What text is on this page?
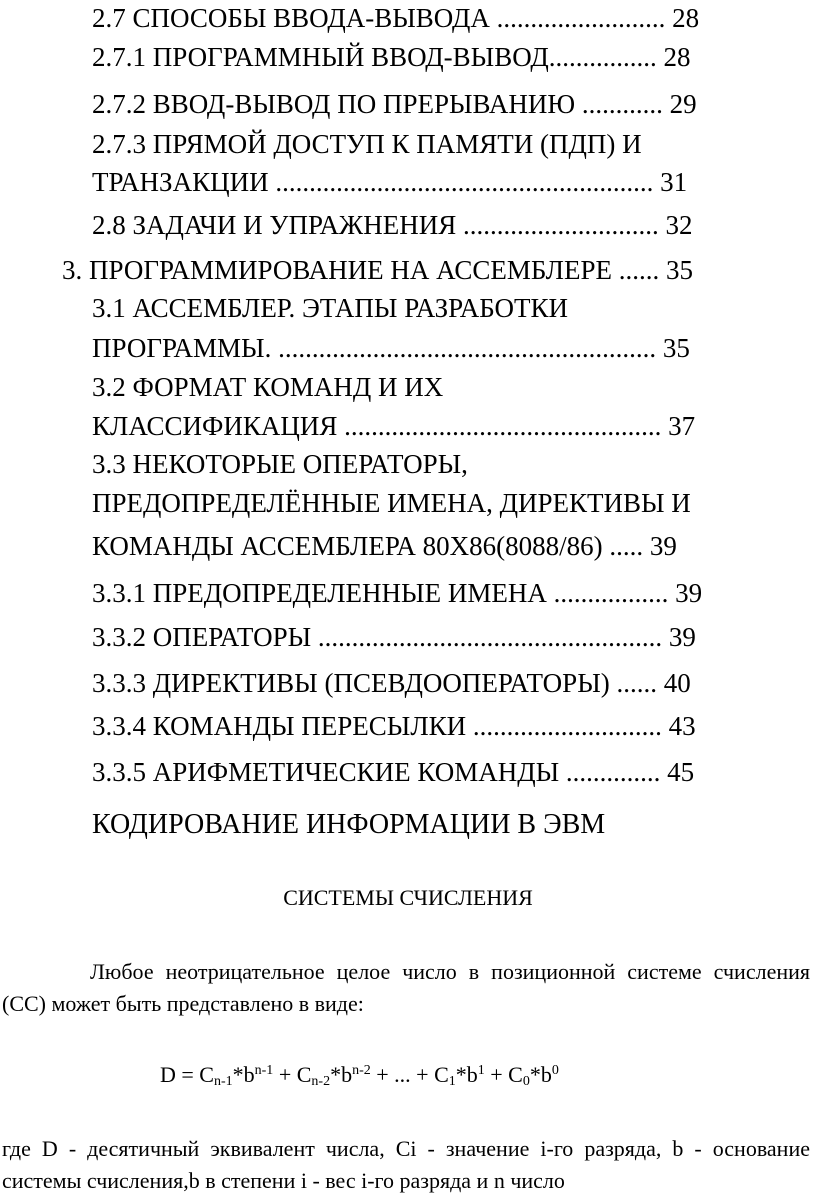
2.7 СПОСОБЫ ВВОДА-ВЫВОДА ......................... 28
2.7.1 ПРОГРАММНЫЙ ВВОД-ВЫВОД................ 28
2.7.2 ВВОД-ВЫВОД ПО ПРЕРЫВАНИЮ ............ 29
2.7.3 ПРЯМОЙ ДОСТУП К ПАМЯТИ (ПДП) И
ТРАНЗАКЦИИ ........................................................ 31
2.8 ЗАДАЧИ И УПРАЖНЕНИЯ ............................. 32
3. ПРОГРАММИРОВАНИЕ НА АССЕМБЛЕРЕ ...... 35
3.1 АССЕМБЛЕР. ЭТАПЫ РАЗРАБОТКИ
ПРОГРАММЫ. ........................................................ 35
3.2 ФОРМАТ КОМАНД И ИХ
КЛАССИФИКАЦИЯ ............................................... 37
3.3 НЕКОТОРЫЕ ОПЕРАТОРЫ,
ПРЕДОПРЕДЕЛЁННЫЕ ИМЕНА, ДИРЕКТИВЫ И
КОМАНДЫ АССЕМБЛЕРА 80Х86(8088/86) ..... 39
3.3.1 ПРЕДОПРЕДЕЛЕННЫЕ ИМЕНА ................. 39
3.3.2 ОПЕРАТОРЫ ................................................... 39
3.3.3 ДИРЕКТИВЫ (ПСЕВДООПЕРАТОРЫ) ...... 40
3.3.4 КОМАНДЫ ПЕРЕСЫЛКИ ............................ 43
3.3.5 АРИФМЕТИЧЕСКИЕ КОМАНДЫ .............. 45
КОДИРОВАНИЕ ИНФОРМАЦИИ В ЭВМ
СИСТЕМЫ СЧИСЛЕНИЯ
Любое неотрицательное целое число в позиционной системе счисления (СС) может быть представлено в виде:
$D = C_{n-1}*b^{n-1} + C_{n-2}*b^{n-2}$ + ... + $C_1*b^1 + C_0*b^0$
где D - десятичный эквивалент числа, Ci - значение i-го разряда, b - основание системы счисления,b в степени i - вес i-го разряда и n число
